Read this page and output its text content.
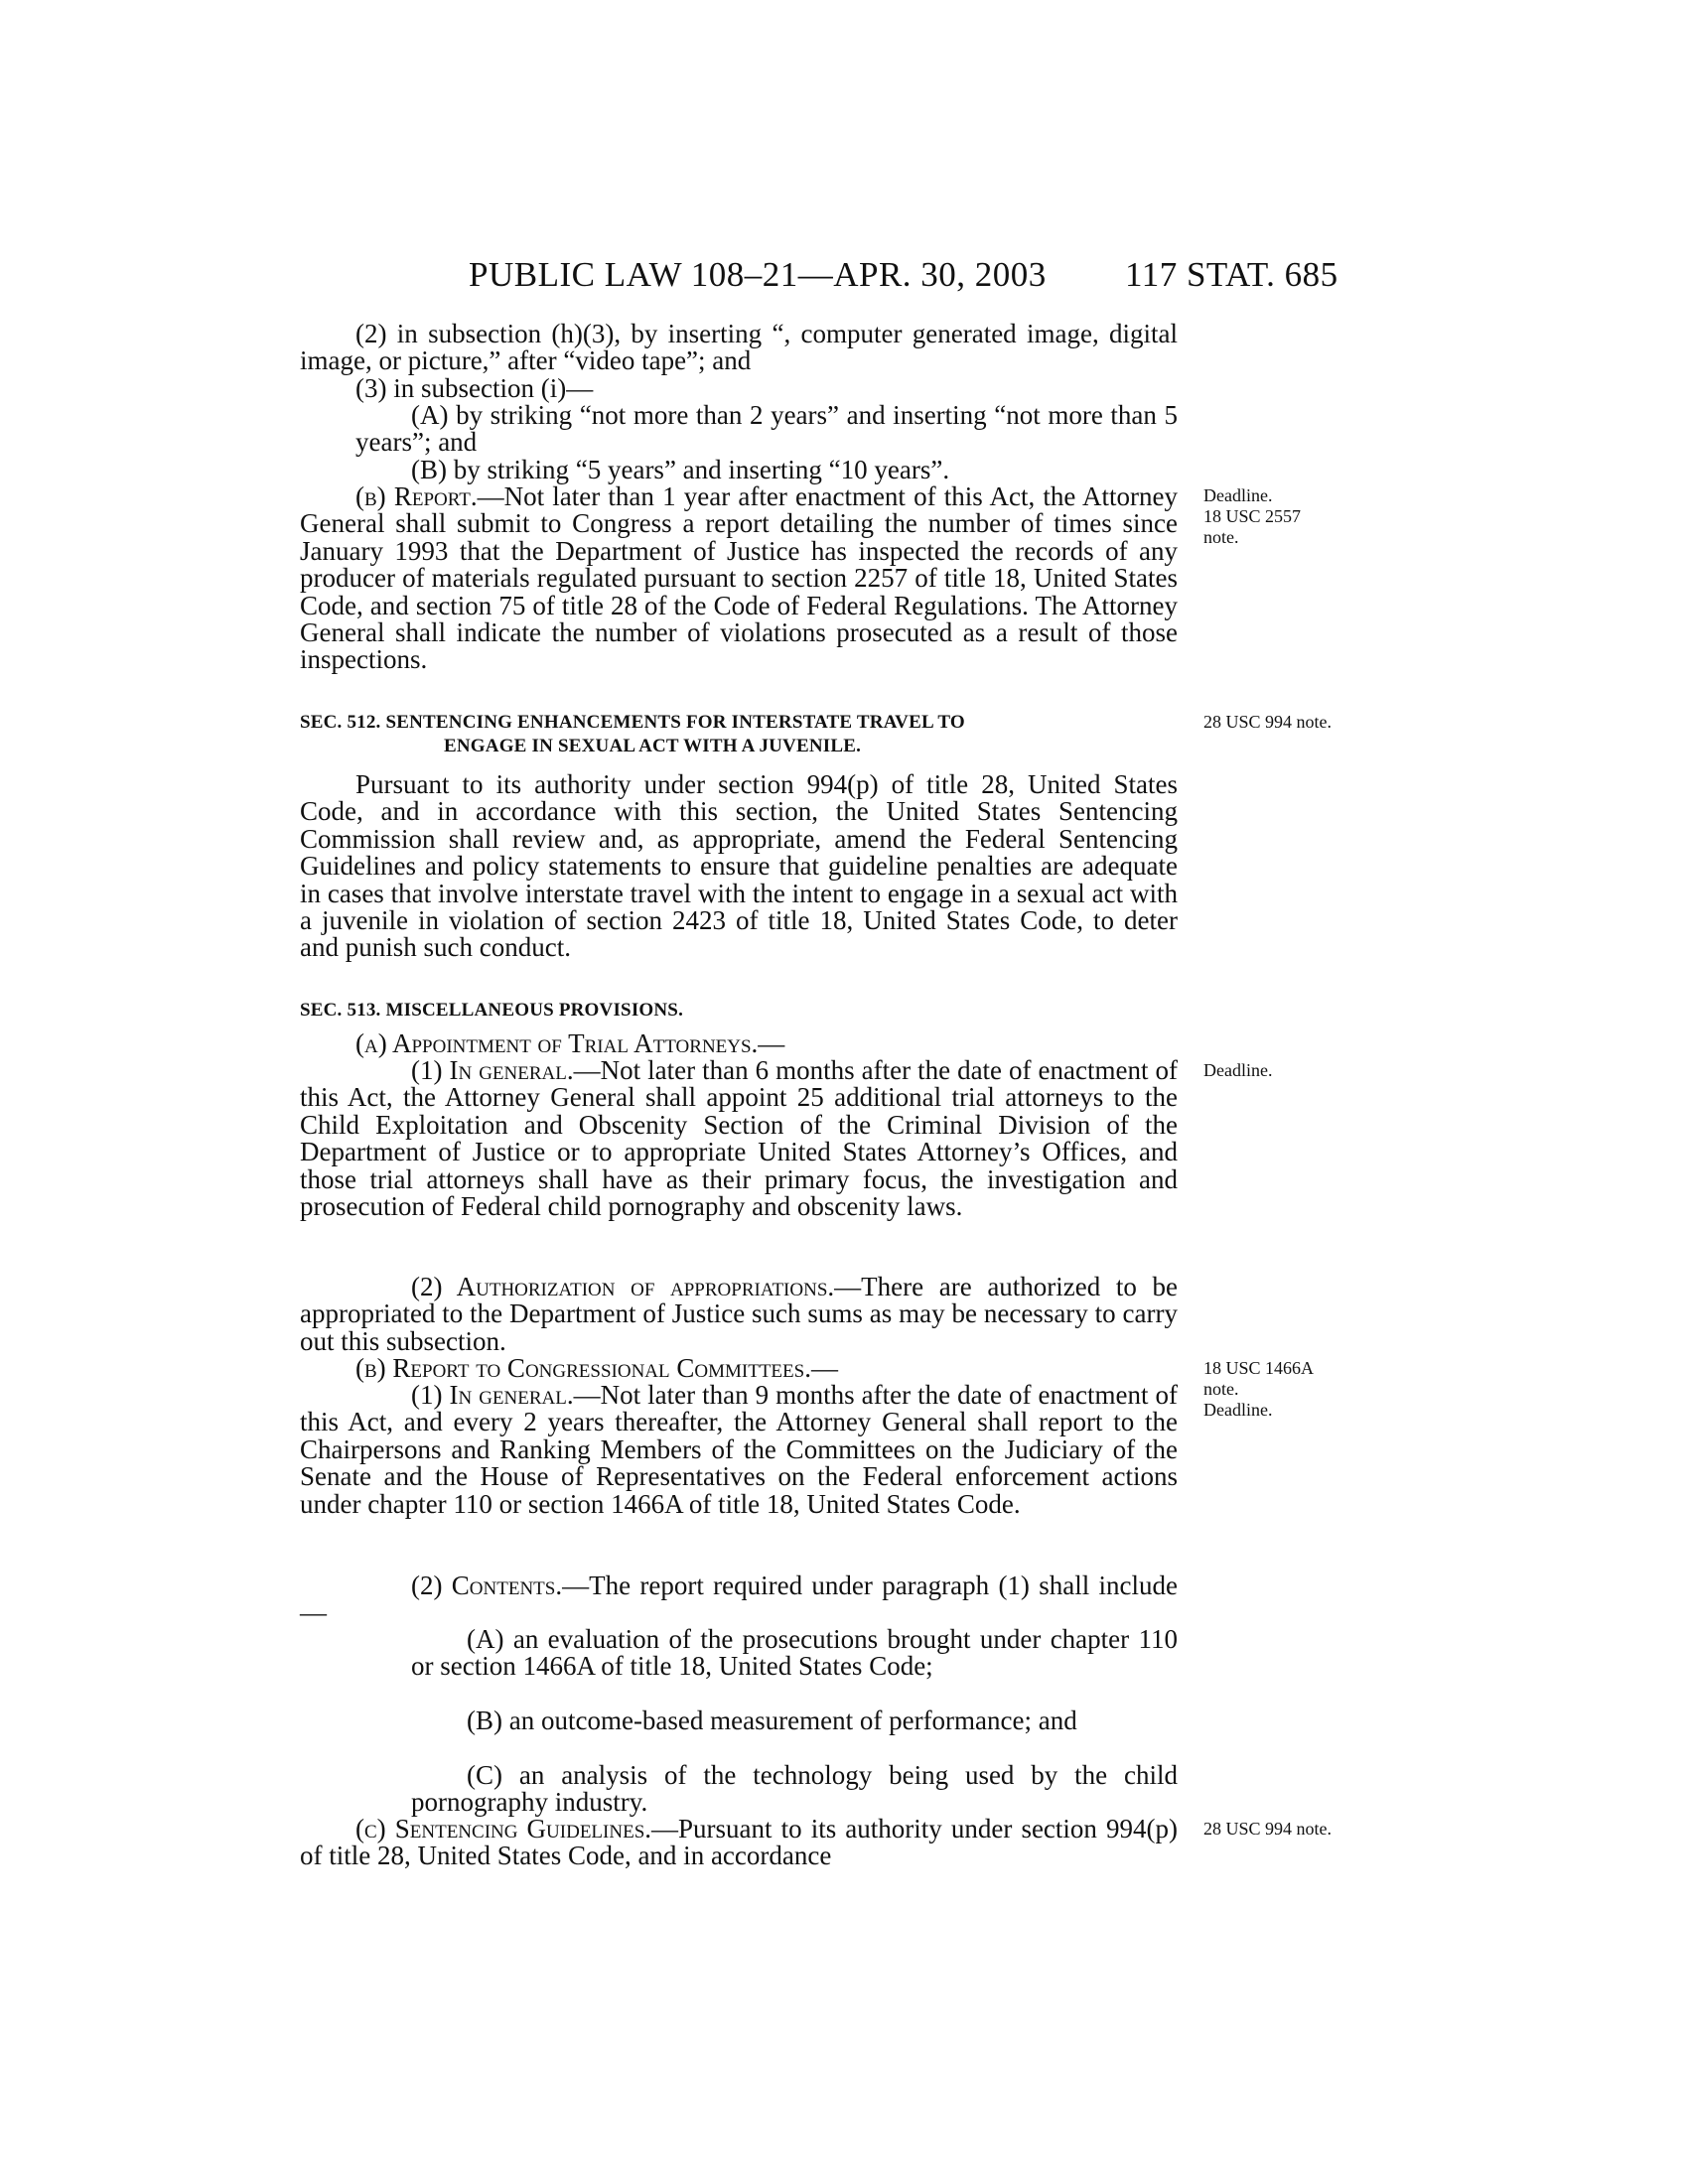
PUBLIC LAW 108–21—APR. 30, 2003 117 STAT. 685
(2) in subsection (h)(3), by inserting “, computer generated image, digital image, or picture,” after “video tape”; and
(3) in subsection (i)—
(A) by striking “not more than 2 years” and inserting “not more than 5 years”; and
(B) by striking “5 years” and inserting “10 years”.
(b) Report.—Not later than 1 year after enactment of this Act, the Attorney General shall submit to Congress a report detailing the number of times since January 1993 that the Department of Justice has inspected the records of any producer of materials regulated pursuant to section 2257 of title 18, United States Code, and section 75 of title 28 of the Code of Federal Regulations. The Attorney General shall indicate the number of violations prosecuted as a result of those inspections.
SEC. 512. SENTENCING ENHANCEMENTS FOR INTERSTATE TRAVEL TO
ENGAGE IN SEXUAL ACT WITH A JUVENILE.
Pursuant to its authority under section 994(p) of title 28, United States Code, and in accordance with this section, the United States Sentencing Commission shall review and, as appropriate, amend the Federal Sentencing Guidelines and policy statements to ensure that guideline penalties are adequate in cases that involve interstate travel with the intent to engage in a sexual act with a juvenile in violation of section 2423 of title 18, United States Code, to deter and punish such conduct.
SEC. 513. MISCELLANEOUS PROVISIONS.
(a) Appointment of Trial Attorneys.—
(1) In general.—Not later than 6 months after the date of enactment of this Act, the Attorney General shall appoint 25 additional trial attorneys to the Child Exploitation and Obscenity Section of the Criminal Division of the Department of Justice or to appropriate United States Attorney’s Offices, and those trial attorneys shall have as their primary focus, the investigation and prosecution of Federal child pornography and obscenity laws.
(2) Authorization of appropriations.—There are authorized to be appropriated to the Department of Justice such sums as may be necessary to carry out this subsection.
(b) Report to Congressional Committees.—
(1) In general.—Not later than 9 months after the date of enactment of this Act, and every 2 years thereafter, the Attorney General shall report to the Chairpersons and Ranking Members of the Committees on the Judiciary of the Senate and the House of Representatives on the Federal enforcement actions under chapter 110 or section 1466A of title 18, United States Code.
(2) Contents.—The report required under paragraph (1) shall include—
(A) an evaluation of the prosecutions brought under chapter 110 or section 1466A of title 18, United States Code;
(B) an outcome-based measurement of performance; and
(C) an analysis of the technology being used by the child pornography industry.
(c) Sentencing Guidelines.—Pursuant to its authority under section 994(p) of title 28, United States Code, and in accordance
Deadline.
18 USC 2557
note.
28 USC 994 note.
Deadline.
18 USC 1466A
note.
Deadline.
28 USC 994 note.
